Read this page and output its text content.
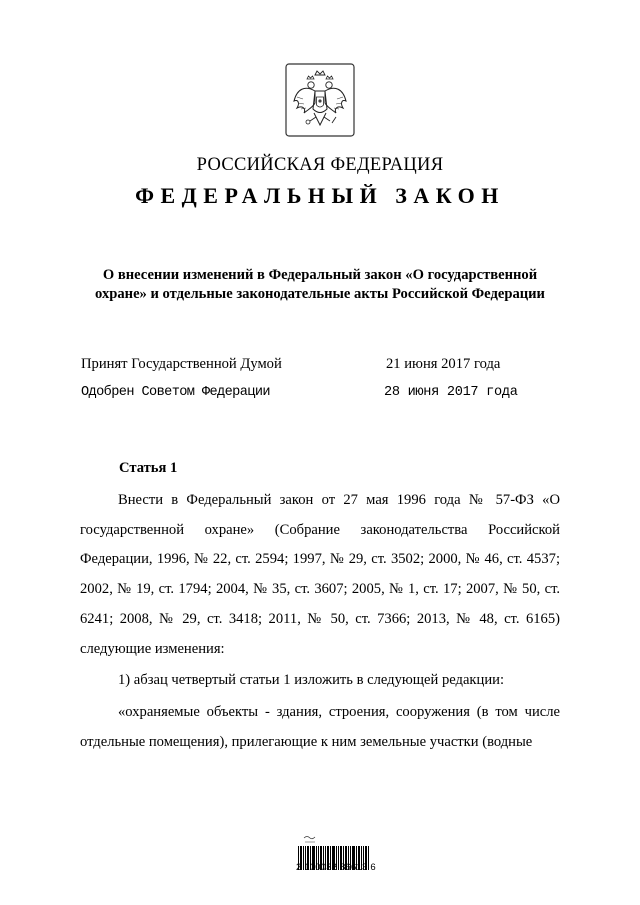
РОССИЙСКАЯ ФЕДЕРАЦИЯ
ФЕДЕРАЛЬНЫЙ ЗАКОН
О внесении изменений в Федеральный закон «О государственной
охране» и отдельные законодательные акты Российской Федерации
Принят Государственной Думой	21 июня 2017 года
Одобрен Советом Федерации	28 июня 2017 года
Статья 1

Внести в Федеральный закон от 27 мая 1996 года № 57-ФЗ «О государственной охране» (Собрание законодательства Российской Федерации, 1996, № 22, ст. 2594; 1997, № 29, ст. 3502; 2000, № 46, ст. 4537; 2002, № 19, ст. 1794; 2004, № 35, ст. 3607; 2005, № 1, ст. 17; 2007, № 50, ст. 6241; 2008, № 29, ст. 3418; 2011, № 50, ст. 7366; 2013, № 48, ст. 6165) следующие изменения:

1) абзац четвертый статьи 1 изложить в следующей редакции:

«охраняемые объекты - здания, строения, сооружения (в том числе отдельные помещения), прилегающие к ним земельные участки (водные

2 100032 86613 6
